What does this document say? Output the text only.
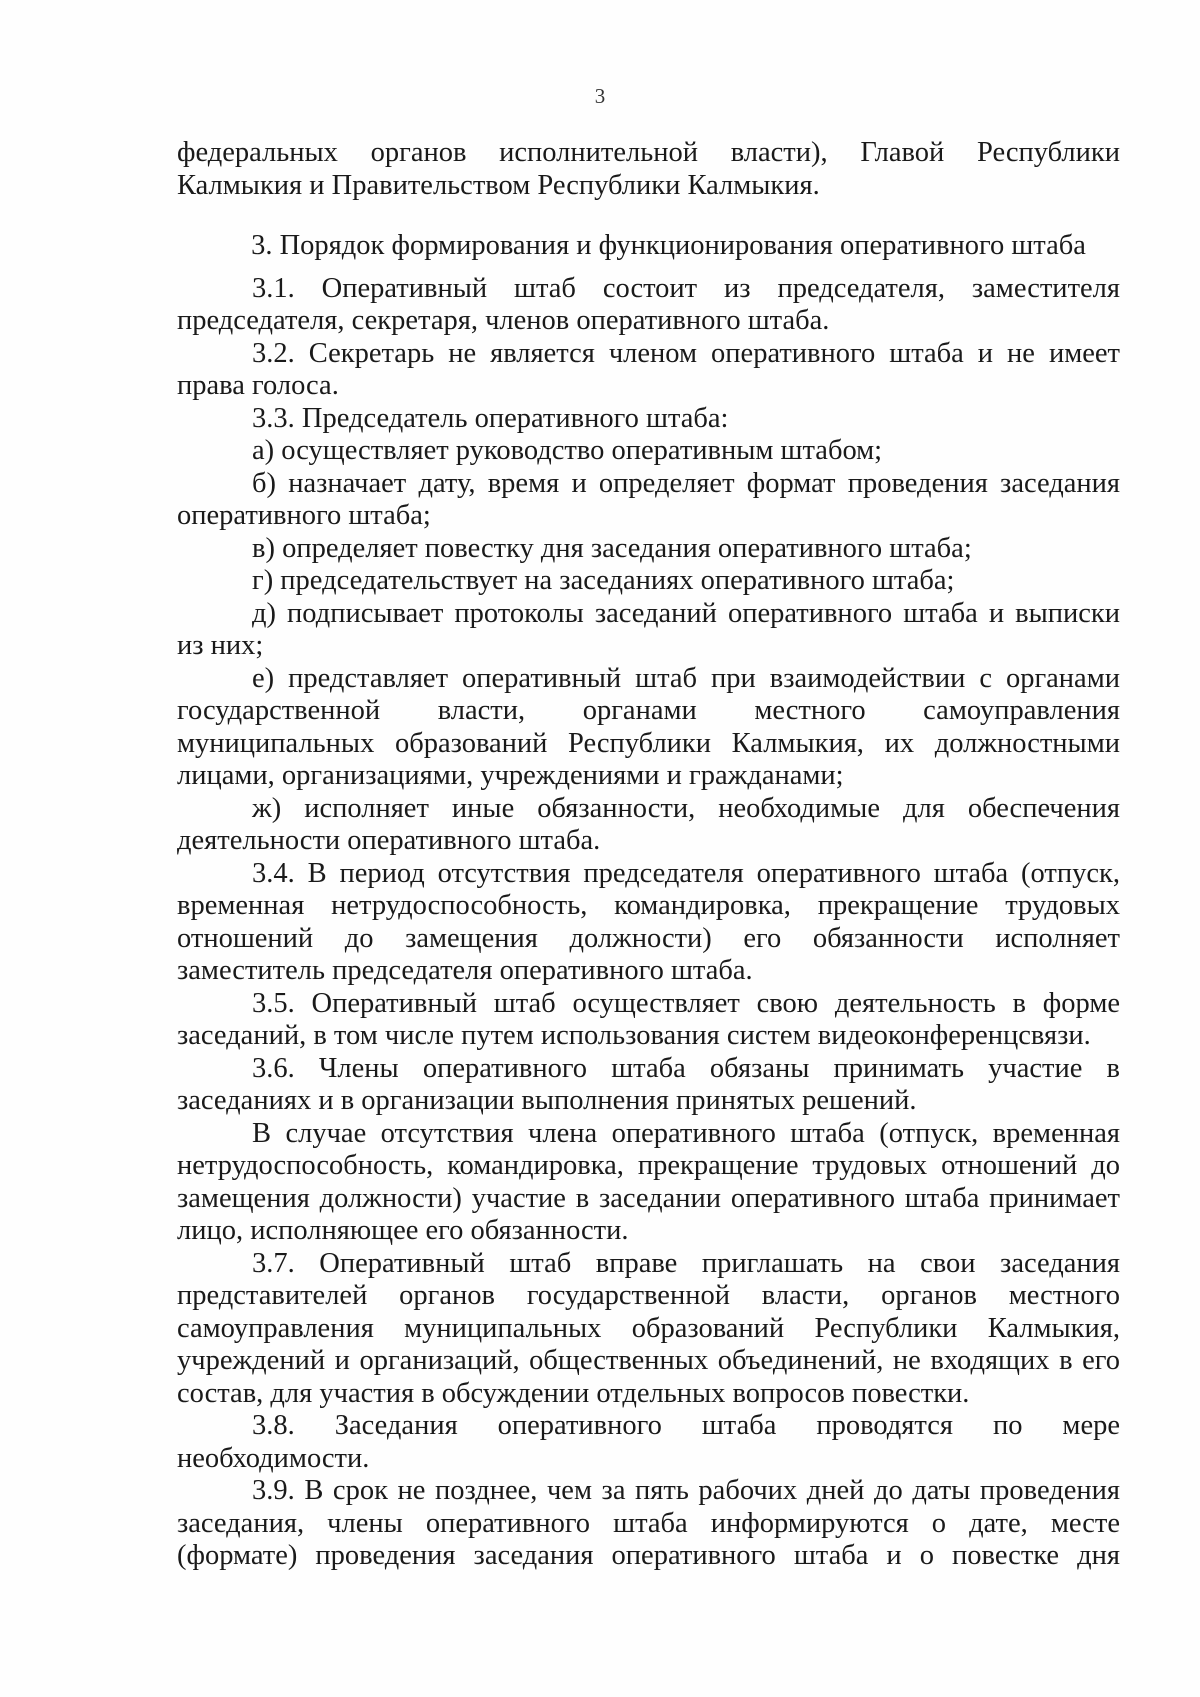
3

федеральных органов исполнительной власти), Главой Республики Калмыкия и Правительством Республики Калмыкия.

3. Порядок формирования и функционирования оперативного штаба

3.1. Оперативный штаб состоит из председателя, заместителя председателя, секретаря, членов оперативного штаба.

3.2. Секретарь не является членом оперативного штаба и не имеет права голоса.

3.3. Председатель оперативного штаба:

а) осуществляет руководство оперативным штабом;

б) назначает дату, время и определяет формат проведения заседания оперативного штаба;

в) определяет повестку дня заседания оперативного штаба;

г) председательствует на заседаниях оперативного штаба;

д) подписывает протоколы заседаний оперативного штаба и выписки из них;

е) представляет оперативный штаб при взаимодействии с органами государственной власти, органами местного самоуправления муниципальных образований Республики Калмыкия, их должностными лицами, организациями, учреждениями и гражданами;

ж) исполняет иные обязанности, необходимые для обеспечения деятельности оперативного штаба.

3.4. В период отсутствия председателя оперативного штаба (отпуск, временная нетрудоспособность, командировка, прекращение трудовых отношений до замещения должности) его обязанности исполняет заместитель председателя оперативного штаба.

3.5. Оперативный штаб осуществляет свою деятельность в форме заседаний, в том числе путем использования систем видеоконференцсвязи.

3.6. Члены оперативного штаба обязаны принимать участие в заседаниях и в организации выполнения принятых решений.

В случае отсутствия члена оперативного штаба (отпуск, временная нетрудоспособность, командировка, прекращение трудовых отношений до замещения должности) участие в заседании оперативного штаба принимает лицо, исполняющее его обязанности.

3.7. Оперативный штаб вправе приглашать на свои заседания представителей органов государственной власти, органов местного самоуправления муниципальных образований Республики Калмыкия, учреждений и организаций, общественных объединений, не входящих в его состав, для участия в обсуждении отдельных вопросов повестки.

3.8. Заседания оперативного штаба проводятся по мере необходимости.

3.9. В срок не позднее, чем за пять рабочих дней до даты проведения заседания, члены оперативного штаба информируются о дате, месте (формате) проведения заседания оперативного штаба и о повестке дня
